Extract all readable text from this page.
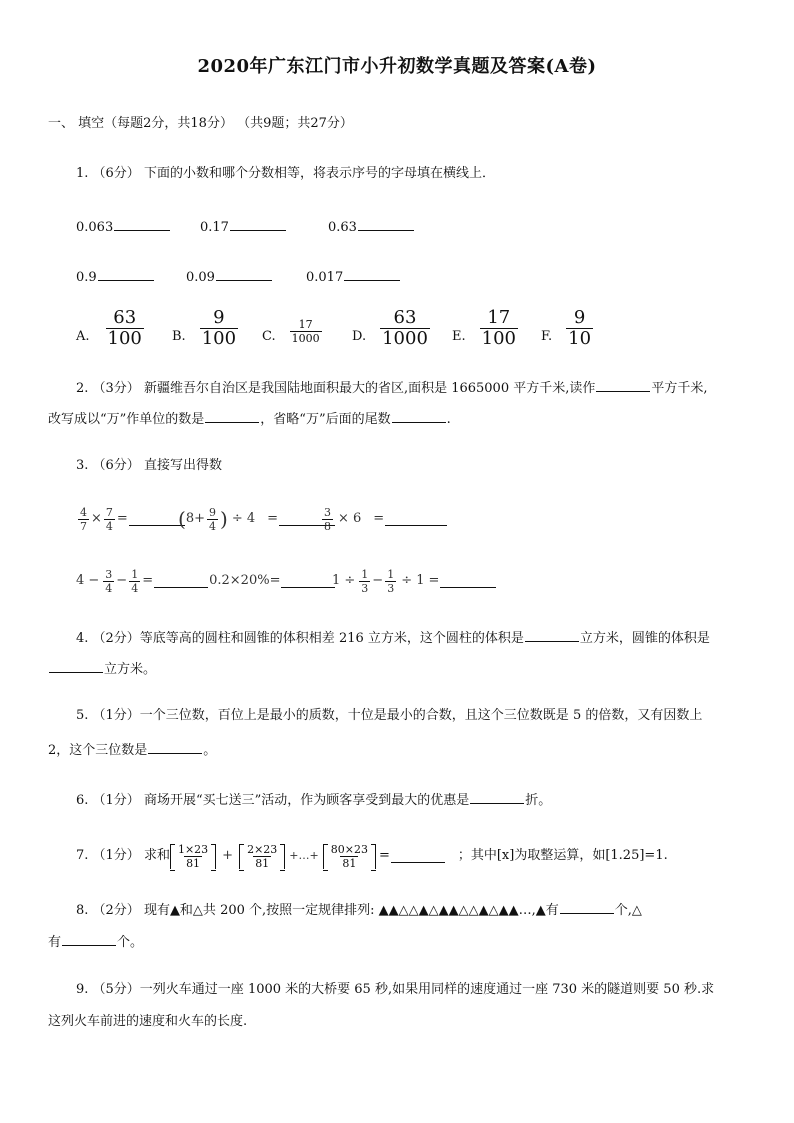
2020年广东江门市小升初数学真题及答案(A卷)
一、 填空（每题2分，共18分） （共9题；共27分）
1. （6分） 下面的小数和哪个分数相等，将表示序号的字母填在横线上．
0.063	0.17	0.63
0.9	0.09	0.017
A. $\frac{63}{100} B$. $\frac{9}{100} C$. $\frac{17}{1000} D$. $\frac{63}{1000} E$. $\frac{17}{100} F$. $\frac{9}{10}$
2. （3分） 新疆维吾尔自治区是我国陆地面积最大的省区,面积是 1665000 平方千米,读作	平方千米,
改写成以“万”作单位的数是	，省略“万”后面的尾数	.
3. （6分） 直接写出得数
$\frac{4}{7} \times \frac{7}{4}$ =	( $8 + \frac{9}{4}$ ) ÷ 4 =	$\frac{3}{8} \times 6$ =
$4 - \frac{3}{4} - \frac{1}{4}$ =	0.2×20%=	$1 \div \frac{1}{3} - \frac{1}{3} \div 1$ =
4. （2分）等底等高的圆柱和圆锥的体积相差 216 立方米，这个圆柱的体积是	立方米，圆锥的体积是
立方米。
5. （1分）一个三位数，百位上是最小的质数，十位是最小的合数，且这个三位数既是 5 的倍数，又有因数上
2，这个三位数是	。
6. （1分） 商场开展“买七送三”活动，作为顾客享受到最大的优惠是	折。
7. （1分） 求和 $\frac{1\times 23}{81} + \frac{2\times 23}{81}$ +…+ $\frac{80\times 23}{81}$ =	；其中[x]为取整运算，如[1.25]=1.
8. （2分） 现有▲和△共 200 个,按照一定规律排列: ▲▲△△▲△▲▲△△▲△▲▲…,▲有	个,△
有	个。
9. （5分）一列火车通过一座 1000 米的大桥要 65 秒,如果用同样的速度通过一座 730 米的隧道则要 50 秒.求
这列火车前进的速度和火车的长度.
